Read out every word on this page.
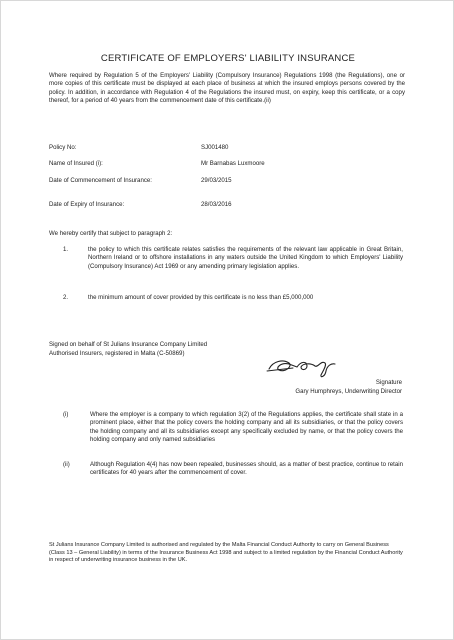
CERTIFICATE OF EMPLOYERS' LIABILITY INSURANCE
Where required by Regulation 5 of the Employers' Liability (Compulsory Insurance) Regulations 1998 (the Regulations), one or more copies of this certificate must be displayed at each place of business at which the insured employs persons covered by the policy. In addition, in accordance with Regulation 4 of the Regulations the insured must, on expiry, keep this certificate, or a copy thereof, for a period of 40 years from the commencement date of this certificate.(ii)
Policy No:	SJ001480
Name of Insured (i):	Mr Barnabas Luxmoore
Date of Commencement of Insurance:	29/03/2015
Date of Expiry of Insurance:	28/03/2016
We hereby certify that subject to paragraph 2:
1.	the policy to which this certificate relates satisfies the requirements of the relevant law applicable in Great Britain, Northern Ireland or to offshore installations in any waters outside the United Kingdom to which Employers' Liability (Compulsory Insurance) Act 1969 or any amending primary legislation applies.
2.	the minimum amount of cover provided by this certificate is no less than £5,000,000
Signed on behalf of St Julians Insurance Company Limited
Authorised Insurers, registered in Malta (C-50869)
Signature
Gary Humphreys, Underwriting Director
(i)	Where the employer is a company to which regulation 3(2) of the Regulations applies, the certificate shall state in a prominent place, either that the policy covers the holding company and all its subsidiaries, or that the policy covers the holding company and all its subsidiaries except any specifically excluded by name, or that the policy covers the holding company and only named subsidiaries
(ii)	Although Regulation 4(4) has now been repealed, businesses should, as a matter of best practice, continue to retain certificates for 40 years after the commencement of cover.
St Julians Insurance Company Limited is authorised and regulated by the Malta Financial Conduct Authority to carry on General Business (Class 13 – General Liability) in terms of the Insurance Business Act 1998 and subject to a limited regulation by the Financial Conduct Authority in respect of underwriting insurance business in the UK.
